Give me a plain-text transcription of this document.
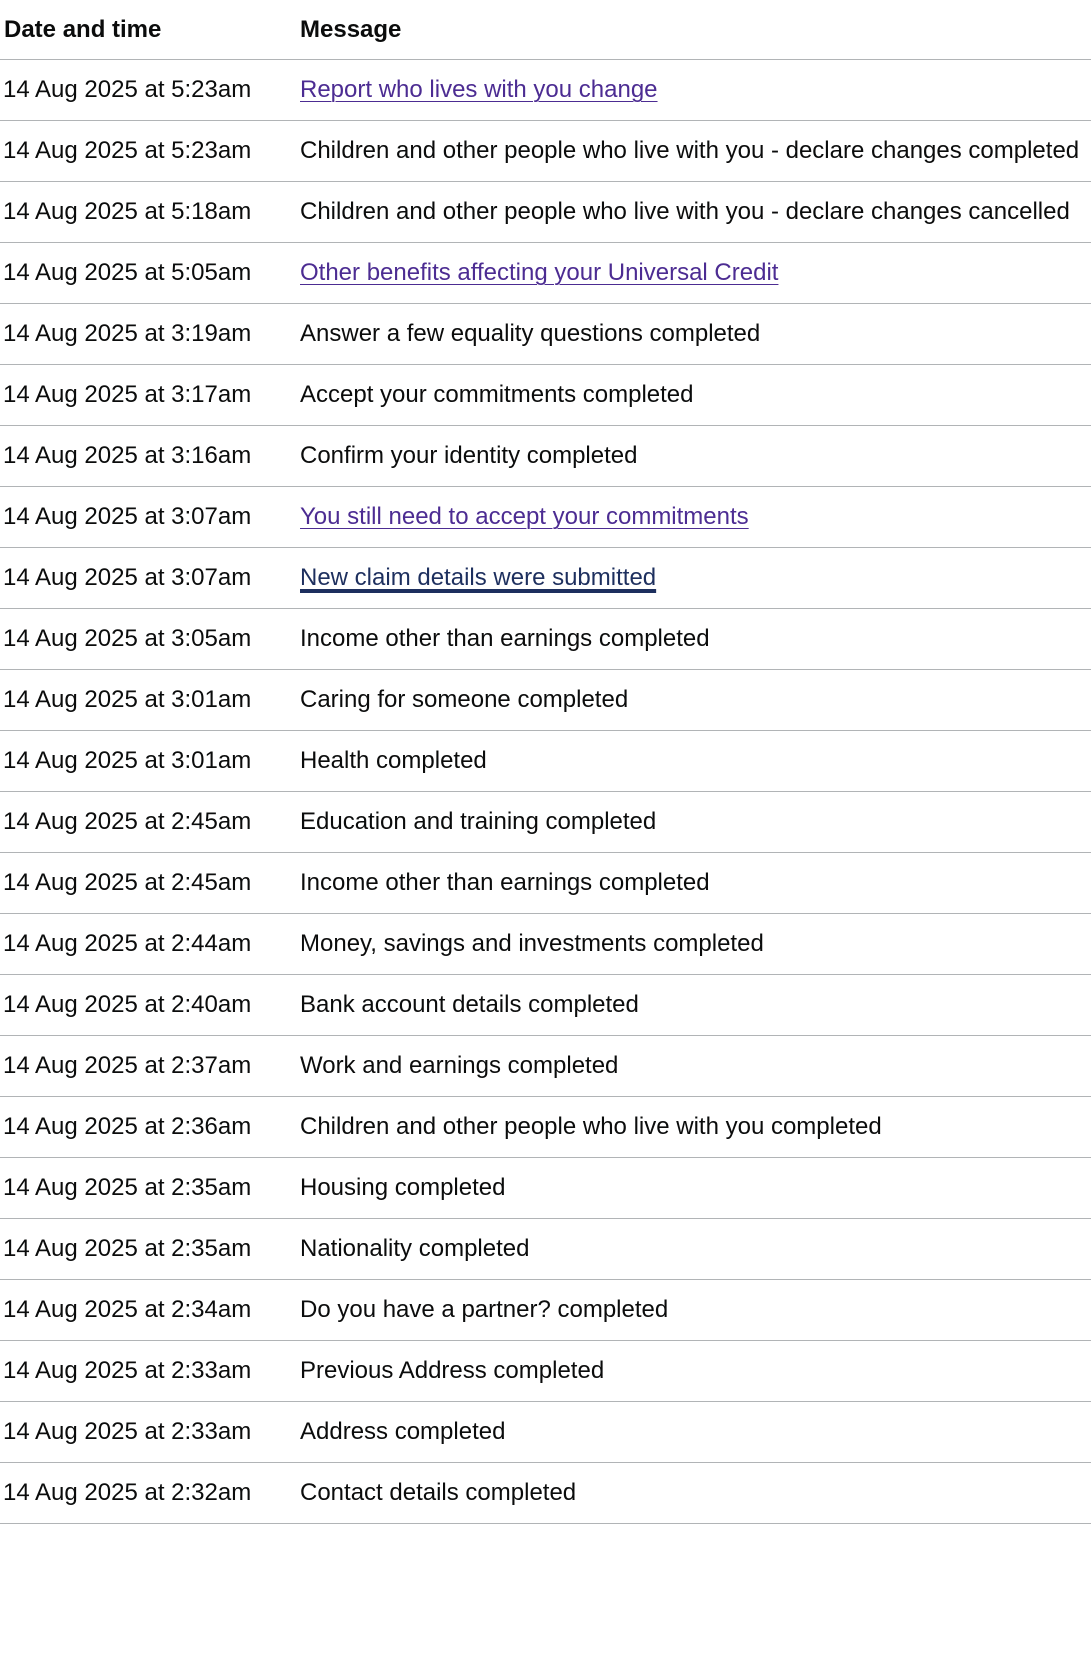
Date and time	Message
14 Aug 2025 at 5:23am	Report who lives with you change
14 Aug 2025 at 5:23am	Children and other people who live with you - declare changes completed
14 Aug 2025 at 5:18am	Children and other people who live with you - declare changes cancelled
14 Aug 2025 at 5:05am	Other benefits affecting your Universal Credit
14 Aug 2025 at 3:19am	Answer a few equality questions completed
14 Aug 2025 at 3:17am	Accept your commitments completed
14 Aug 2025 at 3:16am	Confirm your identity completed
14 Aug 2025 at 3:07am	You still need to accept your commitments
14 Aug 2025 at 3:07am	New claim details were submitted
14 Aug 2025 at 3:05am	Income other than earnings completed
14 Aug 2025 at 3:01am	Caring for someone completed
14 Aug 2025 at 3:01am	Health completed
14 Aug 2025 at 2:45am	Education and training completed
14 Aug 2025 at 2:45am	Income other than earnings completed
14 Aug 2025 at 2:44am	Money, savings and investments completed
14 Aug 2025 at 2:40am	Bank account details completed
14 Aug 2025 at 2:37am	Work and earnings completed
14 Aug 2025 at 2:36am	Children and other people who live with you completed
14 Aug 2025 at 2:35am	Housing completed
14 Aug 2025 at 2:35am	Nationality completed
14 Aug 2025 at 2:34am	Do you have a partner? completed
14 Aug 2025 at 2:33am	Previous Address completed
14 Aug 2025 at 2:33am	Address completed
14 Aug 2025 at 2:32am	Contact details completed
